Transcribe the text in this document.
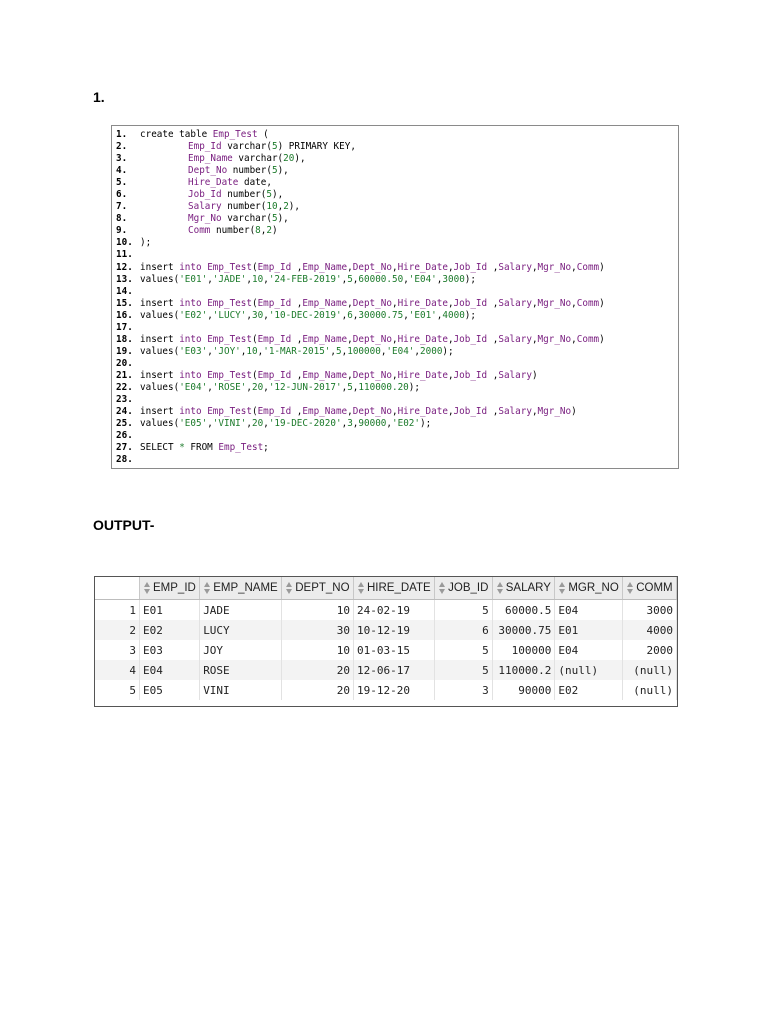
1.
1. create table Emp_Test (
2.	Emp_Id varchar(5) PRIMARY KEY,
3.	Emp_Name varchar(20),
4.	Dept_No number(5),
5.	Hire_Date date,
6.	Job_Id number(5),
7.	Salary number(10,2),
8.	Mgr_No varchar(5),
9.	Comm number(8,2)
10. );
11.
12. insert into Emp_Test(Emp_Id ,Emp_Name,Dept_No,Hire_Date,Job_Id ,Salary,Mgr_No,Comm)
13. values('E01','JADE',10,'24-FEB-2019',5,60000.50,'E04',3000);
14.
15. insert into Emp_Test(Emp_Id ,Emp_Name,Dept_No,Hire_Date,Job_Id ,Salary,Mgr_No,Comm)
16. values('E02','LUCY',30,'10-DEC-2019',6,30000.75,'E01',4000);
17.
18. insert into Emp_Test(Emp_Id ,Emp_Name,Dept_No,Hire_Date,Job_Id ,Salary,Mgr_No,Comm)
19. values('E03','JOY',10,'1-MAR-2015',5,100000,'E04',2000);
20.
21. insert into Emp_Test(Emp_Id ,Emp_Name,Dept_No,Hire_Date,Job_Id ,Salary)
22. values('E04','ROSE',20,'12-JUN-2017',5,110000.20);
23.
24. insert into Emp_Test(Emp_Id ,Emp_Name,Dept_No,Hire_Date,Job_Id ,Salary,Mgr_No)
25. values('E05','VINI',20,'19-DEC-2020',3,90000,'E02');
26.
27. SELECT * FROM Emp_Test;
28.
OUTPUT-
	EMP_ID	EMP_NAME	DEPT_NO	HIRE_DATE	JOB_ID	SALARY	MGR_NO	COMM
1	E01	JADE	10	24-02-19	5	60000.5	E04	3000
2	E02	LUCY	30	10-12-19	6	30000.75	E01	4000
3	E03	JOY	10	01-03-15	5	100000	E04	2000
4	E04	ROSE	20	12-06-17	5	110000.2	(null)	(null)
5	E05	VINI	20	19-12-20	3	90000	E02	(null)
